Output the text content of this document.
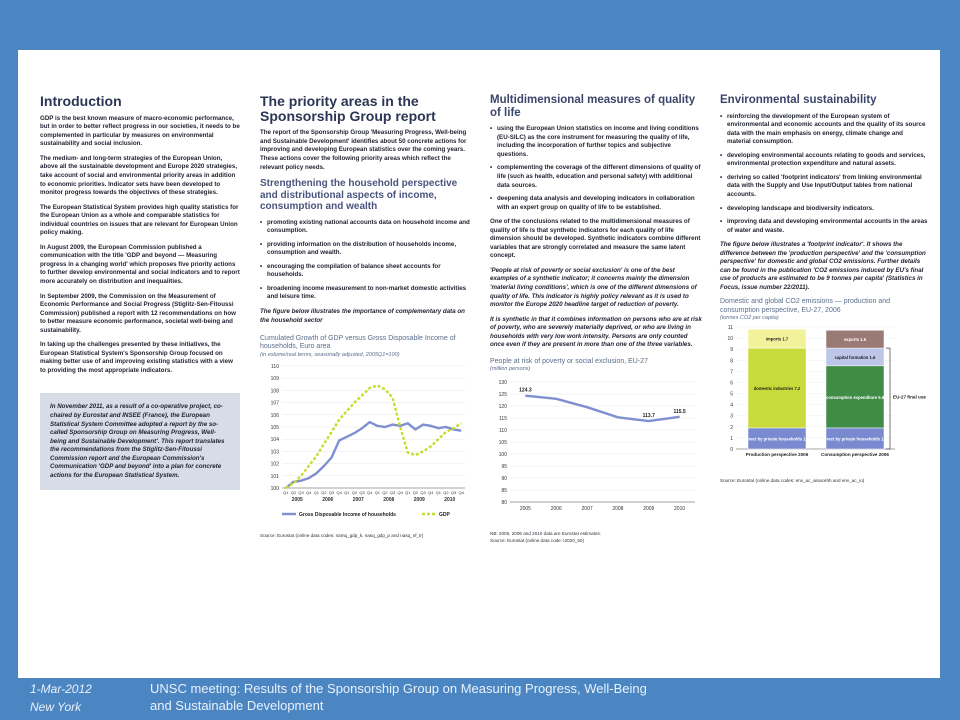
Introduction

GDP is the best known measure of macro-economic performance, but in order to better reflect progress in our societies, it needs to be complemented in particular by measures on environmental sustainability and social inclusion.

The medium- and long-term strategies of the European Union, above all the sustainable development and Europe 2020 strategies, take account of social and environmental priority areas in addition to economic priorities. Indicator sets have been developed to monitor progress towards the objectives of these strategies.

The European Statistical System provides high quality statistics for the European Union as a whole and comparable statistics for individual countries on issues that are relevant for European Union policy making.

In August 2009, the European Commission published a communication with the title 'GDP and beyond — Measuring progress in a changing world' which proposes five priority actions to further develop environmental and social indicators and to report more accurately on distribution and inequalities.

In September 2009, the Commission on the Measurement of Economic Performance and Social Progress (Stiglitz-Sen-Fitoussi Commission) published a report with 12 recommendations on how to better measure economic performance, societal well-being and sustainability.

In taking up the challenges presented by these initiatives, the European Statistical System's Sponsorship Group focused on making better use of and improving existing statistics with a view to providing the most appropriate indicators.

In November 2011, as a result of a co-operative project, co-chaired by Eurostat and INSEE (France), the European Statistical System Committee adopted a report by the so-called Sponsorship Group on Measuring Progress, Well-being and Sustainable Development'. This report translates the recommendations from the Stiglitz-Sen-Fitoussi Commission report and the European Commission's Communication 'GDP and beyond' into a plan for concrete actions for the European Statistical System.

The priority areas in the Sponsorship Group report

The report of the Sponsorship Group 'Measuring Progress, Well-being and Sustainable Development' identifies about 50 concrete actions for improving and developing European statistics over the coming years. These actions cover the following priority areas which reflect the relevant policy needs.

Strengthening the household perspective and distributional aspects of income, consumption and wealth
• promoting existing national accounts data on household income and consumption.
• providing information on the distribution of households income, consumption and wealth.
• encouraging the compilation of balance sheet accounts for households.
• broadening income measurement to non-market domestic activities and leisure time.

The figure below illustrates the importance of complementary data on the household sector

Cumulated Growth of GDP versus Gross Disposable Income of households, Euro area
(in volume/real terms, seasonally adjusted, 2005Q1=100)
100
101
102
103
104
105
106
107
108
109
110
Q1 Q2 Q3 Q4 Q1 Q2 Q3 Q4 Q1 Q2 Q3 Q4 Q1 Q2 Q3 Q4 Q1 Q2 Q3 Q4 Q1 Q2 Q3 Q4
2005	2006	2007	2008	2009	2010
Gross Disposable Income of households	GDP
Source: Eurostat (online data codes: namq_gdp_k, nasq_gdp_p and nasq_nf_tr)
Multidimensional measures of quality of life
• using the European Union statistics on income and living conditions (EU-SILC) as the core instrument for measuring the quality of life, including the incorporation of further topics and subjective questions.
• complementing the coverage of the different dimensions of quality of life (such as health, education and personal safety) with additional data sources.
• deepening data analysis and developing indicators in collaboration with an expert group on quality of life to be established.

One of the conclusions related to the multidimensional measures of quality of life is that synthetic indicators for each quality of life dimension should be developed. Synthetic indicators combine different variables that are strongly correlated and measure the same latent concept.

'People at risk of poverty or social exclusion' is one of the best examples of a synthetic indicator; it concerns mainly the dimension 'material living conditions', which is one of the different dimensions of quality of life. This indicator is highly policy relevant as it is used to monitor the Europe 2020 headline target of reduction of poverty.

It is synthetic in that it combines information on persons who are at risk of poverty, who are severely materially deprived, or who are living in households with very low work intensity. Persons are only counted once even if they are present in more than one of the three variables.

People at risk of poverty or social exclusion, EU-27
(million persons)
80
85
90
95
100
105
110
115
120
125
130
2005	2006	2007	2008	2009	2010
124.3
113.7
115.5
NB: 2005, 2006 and 2010 data are Eurostat estimates.
Source: Eurostat (online data code: t2020_50)
Environmental sustainability
• reinforcing the development of the European system of environmental and economic accounts and the quality of its source data with the main emphasis on energy, climate change and material consumption.
• developing environmental accounts relating to goods and services, environmental protection expenditure and natural assets.
• deriving so called 'footprint indicators' from linking environmental data with the Supply and Use Input/Output tables from national accounts.
• developing landscape and biodiversity indicators.
• improving data and developing environmental accounts in the areas of water and waste.

The figure below illustrates a 'footprint indicator'. It shows the difference between the 'production perspective' and the 'consumption perspective' for domestic and global CO2 emissions. Further details can be found in the publication 'CO2 emissions induced by EU's final use of products are estimated to be 9 tonnes per capita' (Statistics in Focus, issue number 22/2011).

Domestic and global CO2 emissions — production and consumption perspective, EU-27, 2006
(tonnes CO2 per capita)
0
1
2
3
4
5
6
7
8
9
10
11
direct by private households 1.9
domestic industries 7.2
imports 1.7
Production perspective 2006
direct by private households 1.9
consumption expenditure 5.6
capital formation 1.6
exports 1.6
Consumption perspective 2006
EU-27 final use
Source: Eurostat (online data codes: env_ac_ainacehh and env_ac_io)
1-Mar-2012
New York
UNSC meeting: Results of the Sponsorship Group on Measuring Progress, Well-Being and Sustainable Development
